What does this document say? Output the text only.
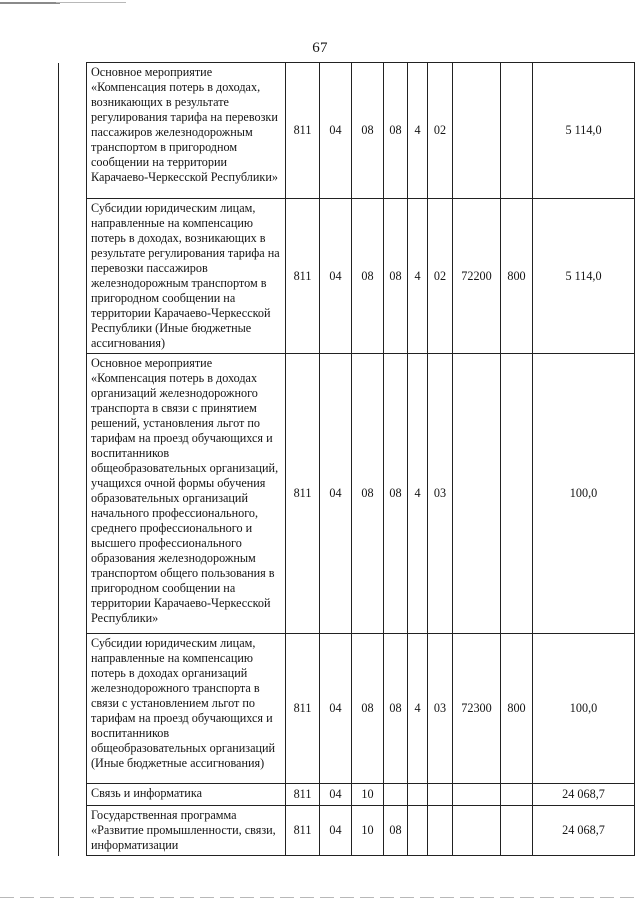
67
	Основное мероприятие «Компенсация потерь в доходах, возникающих в результате регулирования тарифа на перевозки пассажиров железнодорожным транспортом в пригородном сообщении на территории Карачаево-Черкесской Республики»	811	04	08	08	4	02			5 114,0
	Субсидии юридическим лицам, направленные на компенсацию потерь в доходах, возникающих в результате регулирования тарифа на перевозки пассажиров железнодорожным транспортом в пригородном сообщении на территории Карачаево-Черкесской Республики (Иные бюджетные ассигнования)	811	04	08	08	4	02	72200	800	5 114,0
	Основное мероприятие «Компенсация потерь в доходах организаций железнодорожного транспорта в связи с принятием решений, установления льгот по тарифам на проезд обучающихся и воспитанников общеобразовательных организаций, учащихся очной формы обучения образовательных организаций начального профессионального, среднего профессионального и высшего профессионального образования железнодорожным транспортом общего пользования в пригородном сообщении на территории Карачаево-Черкесской Республики»	811	04	08	08	4	03			100,0
	Субсидии юридическим лицам, направленные на компенсацию потерь в доходах организаций железнодорожного транспорта в связи с установлением льгот по тарифам на проезд обучающихся и воспитанников общеобразовательных организаций (Иные бюджетные ассигнования)	811	04	08	08	4	03	72300	800	100,0
	Связь и информатика	811	04	10						24 068,7
	Государственная программа «Развитие промышленности, связи, информатизации	811	04	10	08					24 068,7
